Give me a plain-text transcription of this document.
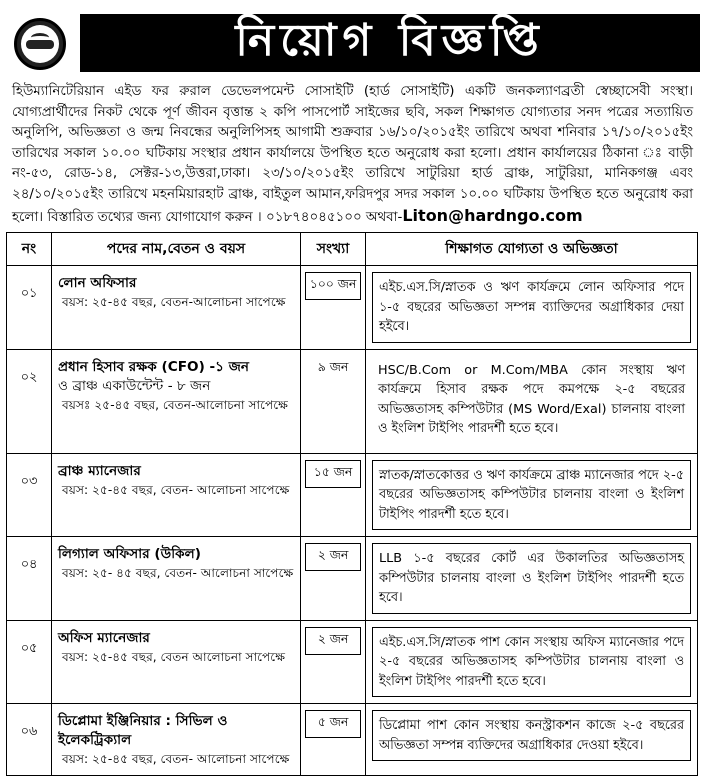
নিয়োগ বিজ্ঞপ্তি
হিউম্যানিটেরিয়ান এইড ফর রুরাল ডেভেলপমেন্ট সোসাইটি (হার্ড সোসাইটি) একটি জনকল্যাণব্রতী স্বেচ্ছাসেবী সংস্থা। যোগ্যপ্রার্থীদের নিকট থেকে পূর্ণ জীবন বৃত্তান্ত ২ কপি পাসপোর্ট সাইজের ছবি, সকল শিক্ষাগত যোগ্যতার সনদ পত্রের সত্যায়িত অনুলিপি, অভিজ্ঞতা ও জন্ম নিবন্ধের অনুলিপিসহ আগামী শুক্রবার ১৬/১০/২০১৫ইং তারিখে অথবা শনিবার ১৭/১০/২০১৫ইং তারিখের সকাল ১০.০০ ঘটিকায় সংস্থার প্রধান কার্যালয়ে উপস্থিত হতে অনুরোধ করা হলো। প্রধান কার্যালয়ের ঠিকানা ঃ বাড়ী নং-৫৩, রোড-১৪, সেক্টর-১৩,উত্তরা,ঢাকা। ২৩/১০/২০১৫ইং তারিখে সাটুরিয়া হার্ড ব্রাঞ্চ, সাটুরিয়া, মানিকগঞ্জ এবং ২৪/১০/২০১৫ইং তারিখে মহনমিয়ারহাট ব্রাঞ্চ, বাইতুল আমান,ফরিদপুর সদর সকাল ১০.০০ ঘটিকায় উপস্থিত হতে অনুরোধ করা হলো। বিস্তারিত তথ্যের জন্য যোগাযোগ করুন । ০১৮৭৪০৪৫১০০ অথবা-Liton@hardngo.com
নং	পদের নাম,বেতন ও বয়স	সংখ্যা	শিক্ষাগত যোগ্যতা ও অভিজ্ঞতা
০১	লোন অফিসার
বয়স: ২৫-৪৫ বছর, বেতন-আলোচনা সাপেক্ষে	১০০ জন	এইচ.এস.সি/স্নাতক ও ঋণ কার্যক্রমে লোন অফিসার পদে ১-৫ বছরের অভিজ্ঞতা সম্পন্ন ব্যাক্তিদের অগ্রাধিকার দেয়া হইবে।

০২	প্রধান হিসাব রক্ষক (CFO) -১ জন
ও ব্রাঞ্চ একাউন্টেন্ট - ৮ জন
বয়সঃ ২৫-৪৫ বছর, বেতন-আলোচনা সাপেক্ষে	৯ জন	HSC/B.Com or M.Com/MBA কোন সংস্থায় ঋণ কার্যক্রমে হিসাব রক্ষক পদে কমপক্ষে ২-৫ বছরের অভিজ্ঞতাসহ কম্পিউটার (MS Word/Exal) চালনায় বাংলা ও ইংলিশ টাইপিং পারদর্শী হতে হবে।

০৩	ব্রাঞ্চ ম্যানেজার
বয়স: ২৫-৪৫ বছর, বেতন- আলোচনা সাপেক্ষে	১৫ জন	স্নাতক/স্নাতকোত্তর ও ঋণ কার্যক্রমে ব্রাঞ্চ ম্যানেজার পদে ২-৫ বছরের অভিজ্ঞতাসহ কম্পিউটার চালনায় বাংলা ও ইংলিশ টাইপিং পারদর্শী হতে হবে।

০৪	লিগ্যাল অফিসার (উকিল)
বয়স: ২৫- ৪৫ বছর, বেতন- আলোচনা সাপেক্ষে	২ জন	LLB ১-৫ বছরের কোর্ট এর উকালতির অভিজ্ঞতাসহ কম্পিউটার চালনায় বাংলা ও ইংলিশ টাইপিং পারদর্শী হতে হবে।

০৫	অফিস ম্যানেজার
বয়স: ২৫-৪৫ বছর, বেতন আলোচনা সাপেক্ষে	২ জন	এইচ.এস.সি/স্নাতক পাশ কোন সংস্থায় অফিস ম্যানেজার পদে ২-৫ বছরের অভিজ্ঞতাসহ কম্পিউটার চালনায় বাংলা ও ইংলিশ টাইপিং পারদর্শী হতে হবে।

০৬	ডিপ্লোমা ইঞ্জিনিয়ার : সিভিল ও ইলেকট্রিক্যাল
বয়স: ২৫-৪৫ বছর, বেতন- আলোচনা সাপেক্ষে	৫ জন	ডিপ্লোমা পাশ কোন সংস্থায় কনস্ট্রাকশন কাজে ২-৫ বছরের অভিজ্ঞতা সম্পন্ন ব্যক্তিদের অগ্রাধিকার দেওয়া হইবে।
